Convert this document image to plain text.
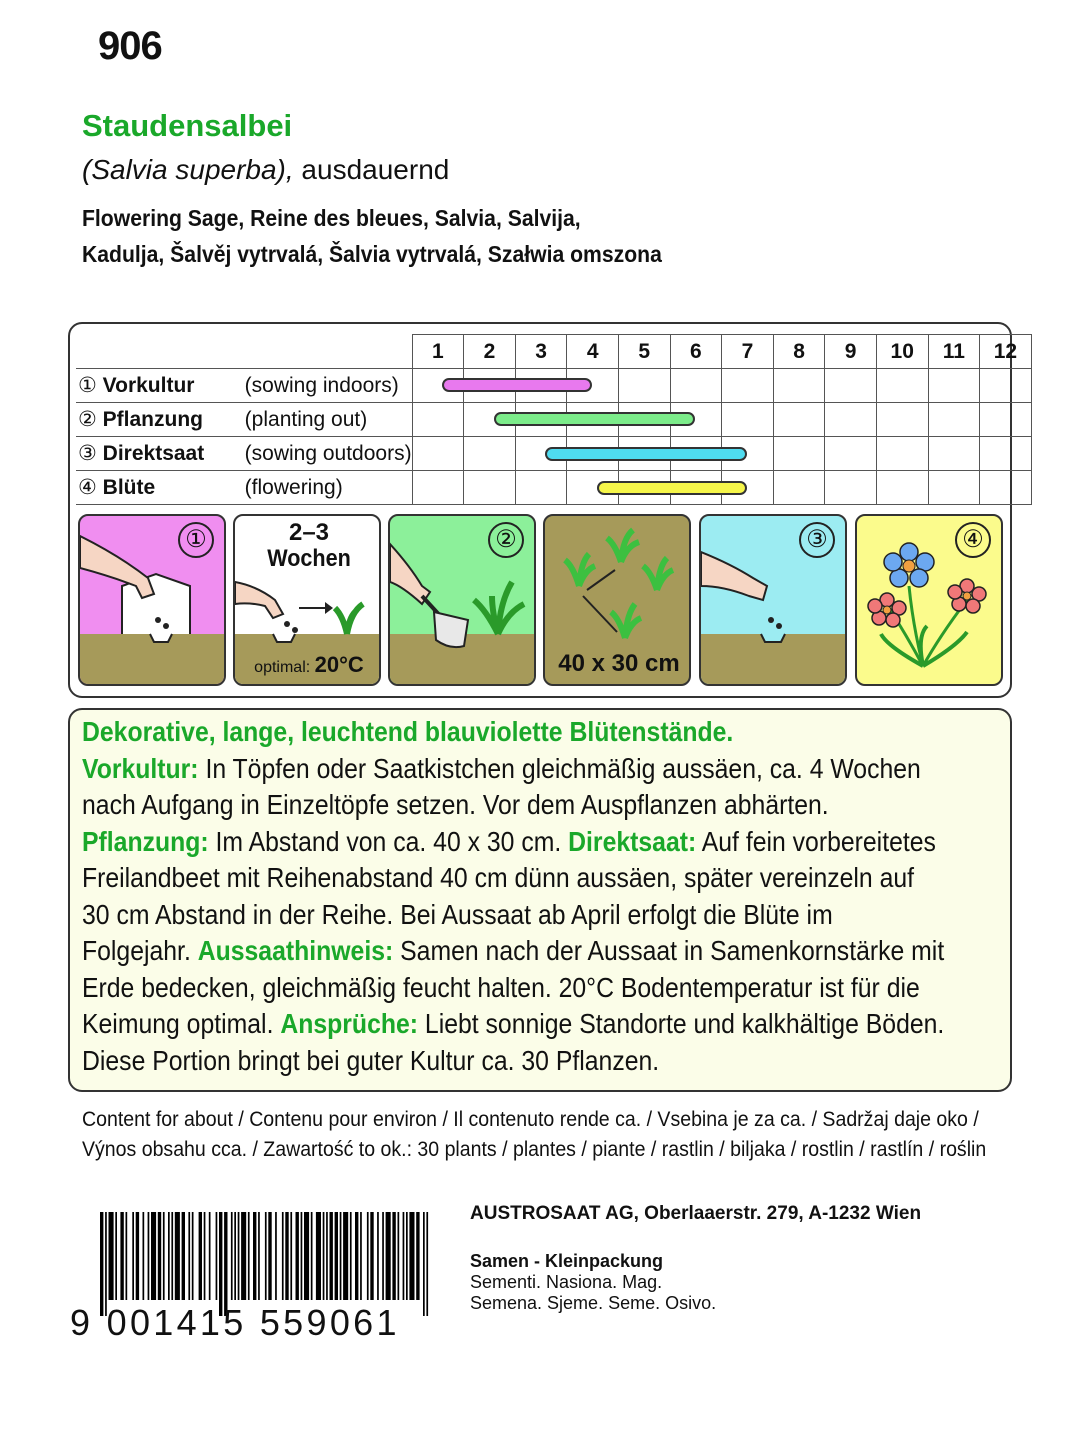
906
Staudensalbei
(Salvia superba), ausdauernd
Flowering Sage, Reine des bleues, Salvia, Salvija,
Kadulja, Šalvěj vytrvalá, Šalvia vytrvalá, Szałwia omszona
	1	2	3	4	5	6	7	8	9	10	11	12
① Vorkultur (sowing indoors)												
② Pflanzung (planting out)												
③ Direktsaat (sowing outdoors)												
④ Blüte (flowering)												
①	2–3
Wochen
optimal: 20°C
②
40 x 30 cm
③	④
Dekorative, lange, leuchtend blauviolette Blütenstände.
Vorkultur: In Töpfen oder Saatkistchen gleichmäßig aussäen, ca. 4 Wochen
nach Aufgang in Einzeltöpfe setzen. Vor dem Auspflanzen abhärten.
Pflanzung: Im Abstand von ca. 40 x 30 cm. Direktsaat: Auf fein vorbereitetes
Freilandbeet mit Reihenabstand 40 cm dünn aussäen, später vereinzeln auf
30 cm Abstand in der Reihe. Bei Aussaat ab April erfolgt die Blüte im
Folgejahr. Aussaathinweis: Samen nach der Aussaat in Samenkornstärke mit
Erde bedecken, gleichmäßig feucht halten. 20°C Bodentemperatur ist für die
Keimung optimal. Ansprüche: Liebt sonnige Standorte und kalkhältige Böden.
Diese Portion bringt bei guter Kultur ca. 30 Pflanzen.
Content for about / Contenu pour environ / Il contenuto rende ca. / Vsebina je za ca. / Sadržaj daje oko /
Výnos obsahu cca. / Zawartość to ok.: 30 plants / plantes / piante / rastlin / biljaka / rostlin / rastlín / roślin
9 001415 559061
AUSTROSAAT AG, Oberlaaerstr. 279, A-1232 Wien
Samen - Kleinpackung
Sementi. Nasiona. Mag.
Semena. Sjeme. Seme. Osivo.
